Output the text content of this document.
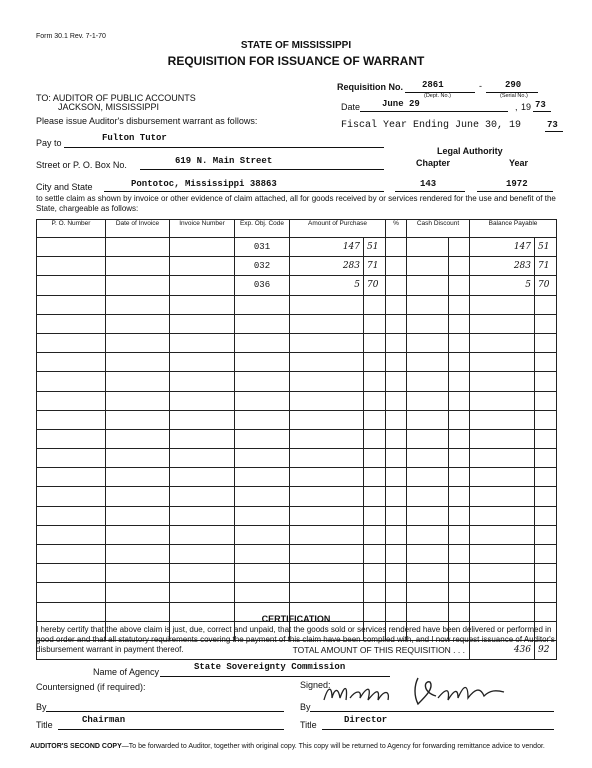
Form 30.1 Rev. 7-1-70
STATE OF MISSISSIPPI
REQUISITION FOR ISSUANCE OF WARRANT
Requisition No. 2861	-	290
(Dept. No.)	(Serial No.)
Date June 29	, 19 73
Fiscal Year Ending June 30, 19	73
TO: AUDITOR OF PUBLIC ACCOUNTS
JACKSON, MISSISSIPPI
Please issue Auditor's disbursement warrant as follows:
Pay to	Fulton Tutor
Street or P. O. Box No.	619 N. Main Street
City and State	Pontotoc, Mississippi 38863
Legal Authority
Chapter	Year
143	1972
to settle claim as shown by invoice or other evidence of claim attached, all for goods received by or services rendered for the use and benefit of the State, chargeable as follows:
P. O. Number	Date of Invoice	Invoice Number	Exp. Obj. Code	Amount of Purchase		%	Cash Discount		Balance Payable	
			031	147	51				147	51
			032	283	71				283	71
			036	5	70				5	70

TOTAL AMOUNT OF THIS REQUISITION . . .									436	92
CERTIFICATION
I hereby certify that the above claim is just, due, correct and unpaid, that the goods sold or services rendered have been delivered or performed in good order and that all statutory requirements covering the payment of this claim have been complied with, and I now request issuance of Auditor's disbursement warrant in payment thereof.
Name of Agency	State Sovereignty Commission
Countersigned (if required):	Signed:
By	By
Title	Chairman	Title	Director
AUDITOR'S SECOND COPY—To be forwarded to Auditor, together with original copy. This copy will be returned to Agency for forwarding remittance advice to vendor.
